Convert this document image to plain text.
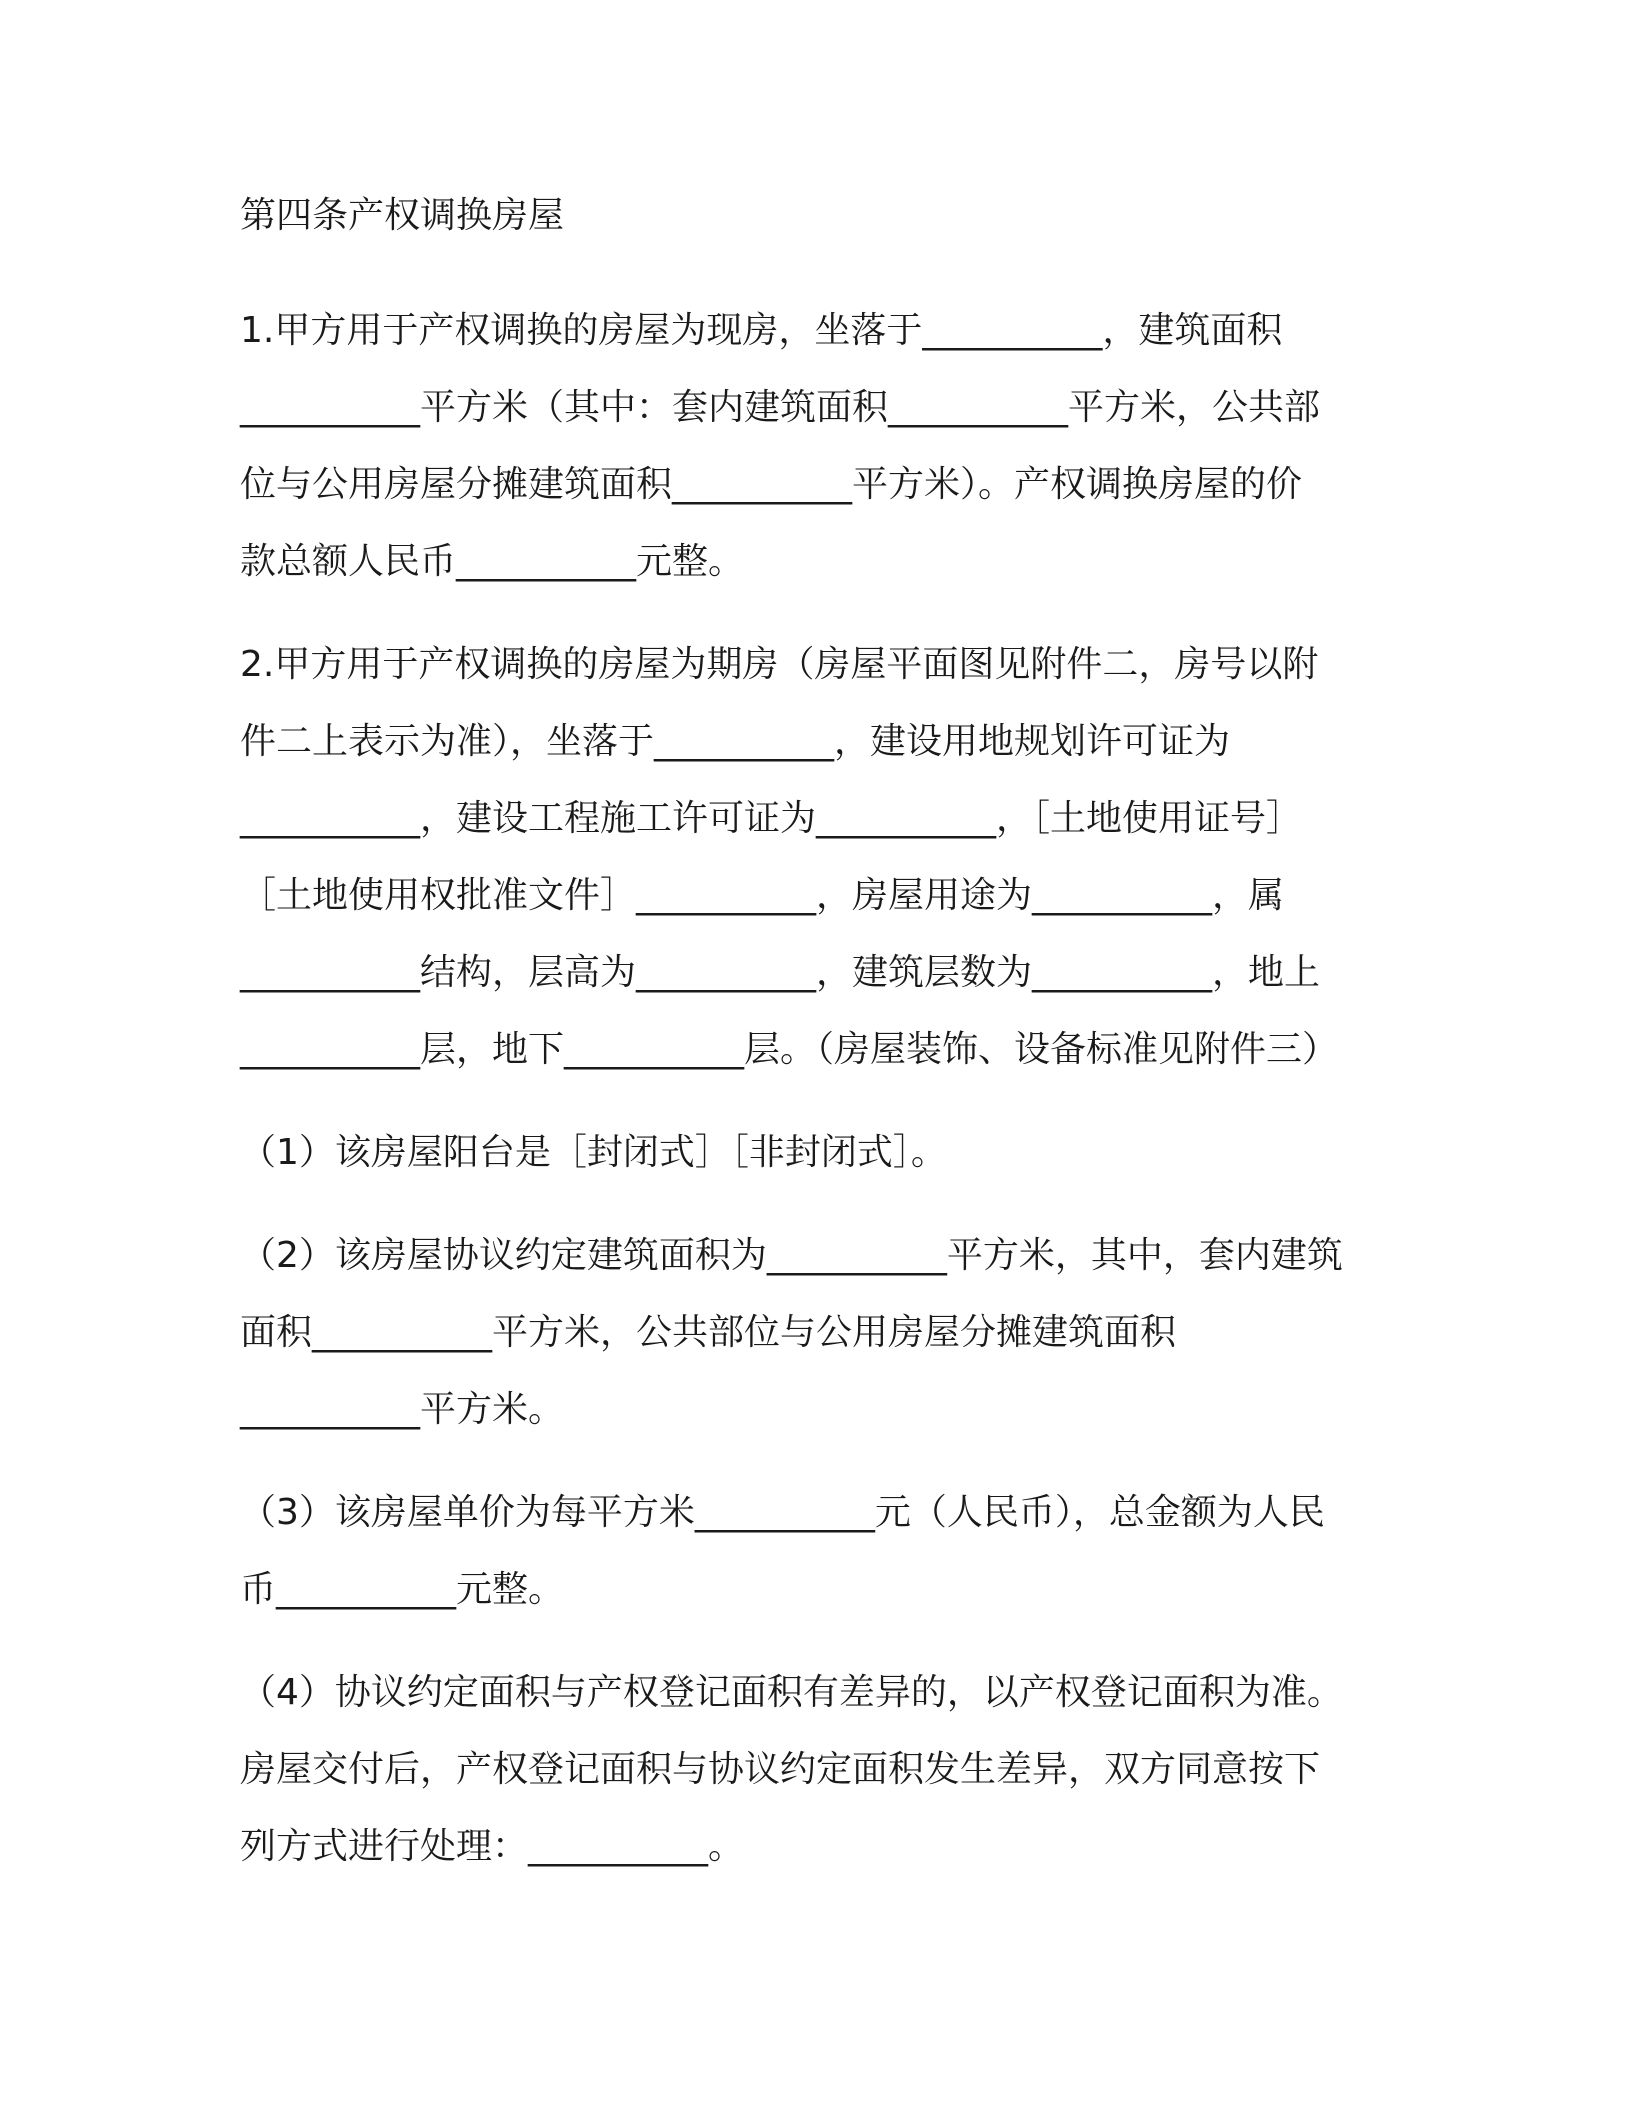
第四条产权调换房屋
1.甲方用于产权调换的房屋为现房，坐落于__________，建筑面积
__________平方米（其中：套内建筑面积__________平方米，公共部
位与公用房屋分摊建筑面积__________平方米）。产权调换房屋的价
款总额人民币__________元整。
2.甲方用于产权调换的房屋为期房（房屋平面图见附件二，房号以附
件二上表示为准），坐落于__________，建设用地规划许可证为
__________，建设工程施工许可证为__________，［土地使用证号］
［土地使用权批准文件］__________，房屋用途为__________，属
__________结构，层高为__________，建筑层数为__________，地上
__________层，地下__________层。（房屋装饰、设备标准见附件三）
（1）该房屋阳台是［封闭式］［非封闭式］。
（2）该房屋协议约定建筑面积为__________平方米，其中，套内建筑
面积__________平方米，公共部位与公用房屋分摊建筑面积
__________平方米。
（3）该房屋单价为每平方米__________元（人民币），总金额为人民
币__________元整。
（4）协议约定面积与产权登记面积有差异的，以产权登记面积为准。
房屋交付后，产权登记面积与协议约定面积发生差异，双方同意按下
列方式进行处理：__________。
